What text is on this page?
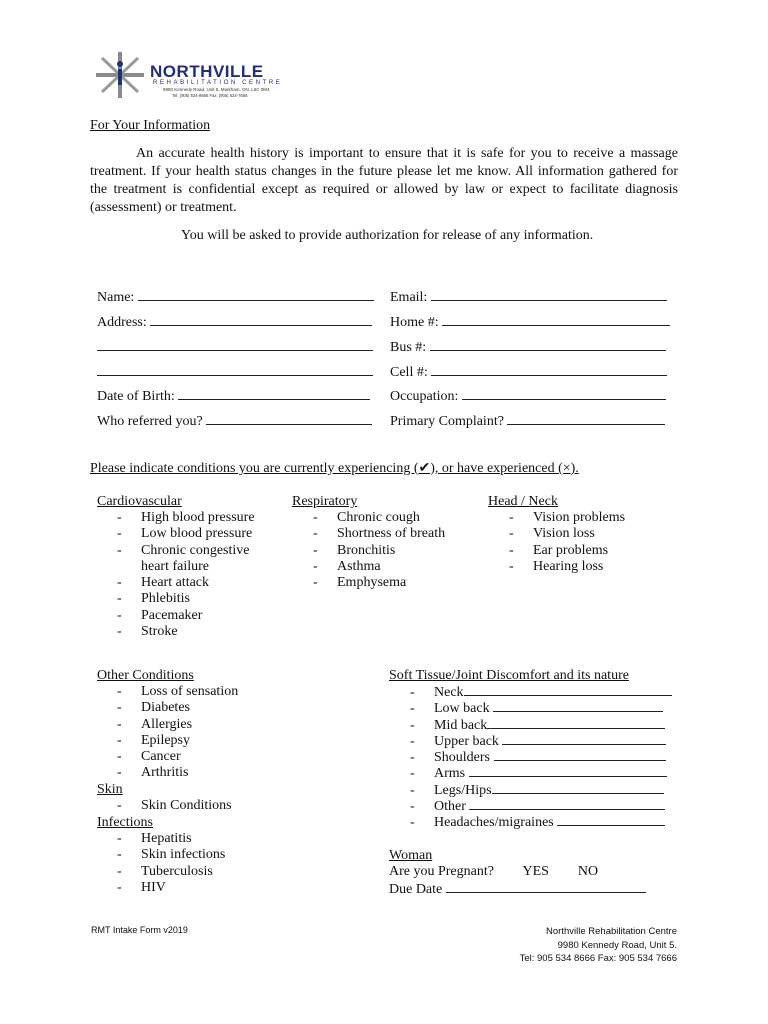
NORTHVILLE
REHABILITATION CENTRE
9980 Kennedy Road, Unit 5, Markham, ON, L6C 0M4
Tel: (905) 534-8666 Fax: (905) 534-7666
For Your Information
An accurate health history is important to ensure that it is safe for you to receive a massage treatment. If your health status changes in the future please let me know. All information gathered for the treatment is confidential except as required or allowed by law or expect to facilitate diagnosis (assessment) or treatment.
You will be asked to provide authorization for release of any information.
Name:
Address:
Date of Birth:
Who referred you?
Email:
Home #:
Bus #:
Cell #:
Occupation:
Primary Complaint?
Please indicate conditions you are currently experiencing (✔), or have experienced (×).
Cardiovascular
- High blood pressure
- Low blood pressure
- Chronic congestive
heart failure
- Heart attack
- Phlebitis
- Pacemaker
- Stroke
Respiratory
- Chronic cough
- Shortness of breath
- Bronchitis
- Asthma
- Emphysema
Head / Neck
- Vision problems
- Vision loss
- Ear problems
- Hearing loss
Other Conditions
- Loss of sensation
- Diabetes
- Allergies
- Epilepsy
- Cancer
- Arthritis
Skin
- Skin Conditions
Infections
- Hepatitis
- Skin infections
- Tuberculosis
- HIV
Soft Tissue/Joint Discomfort and its nature
- Neck
- Low back
- Mid back
- Upper back
- Shoulders
- Arms
- Legs/Hips
- Other
- Headaches/migraines
Woman
Are you Pregnant? YES NO
Due Date
RMT Intake Form v2019	Northville Rehabilitation Centre
9980 Kennedy Road, Unit 5.
Tel: 905 534 8666 Fax: 905 534 7666
